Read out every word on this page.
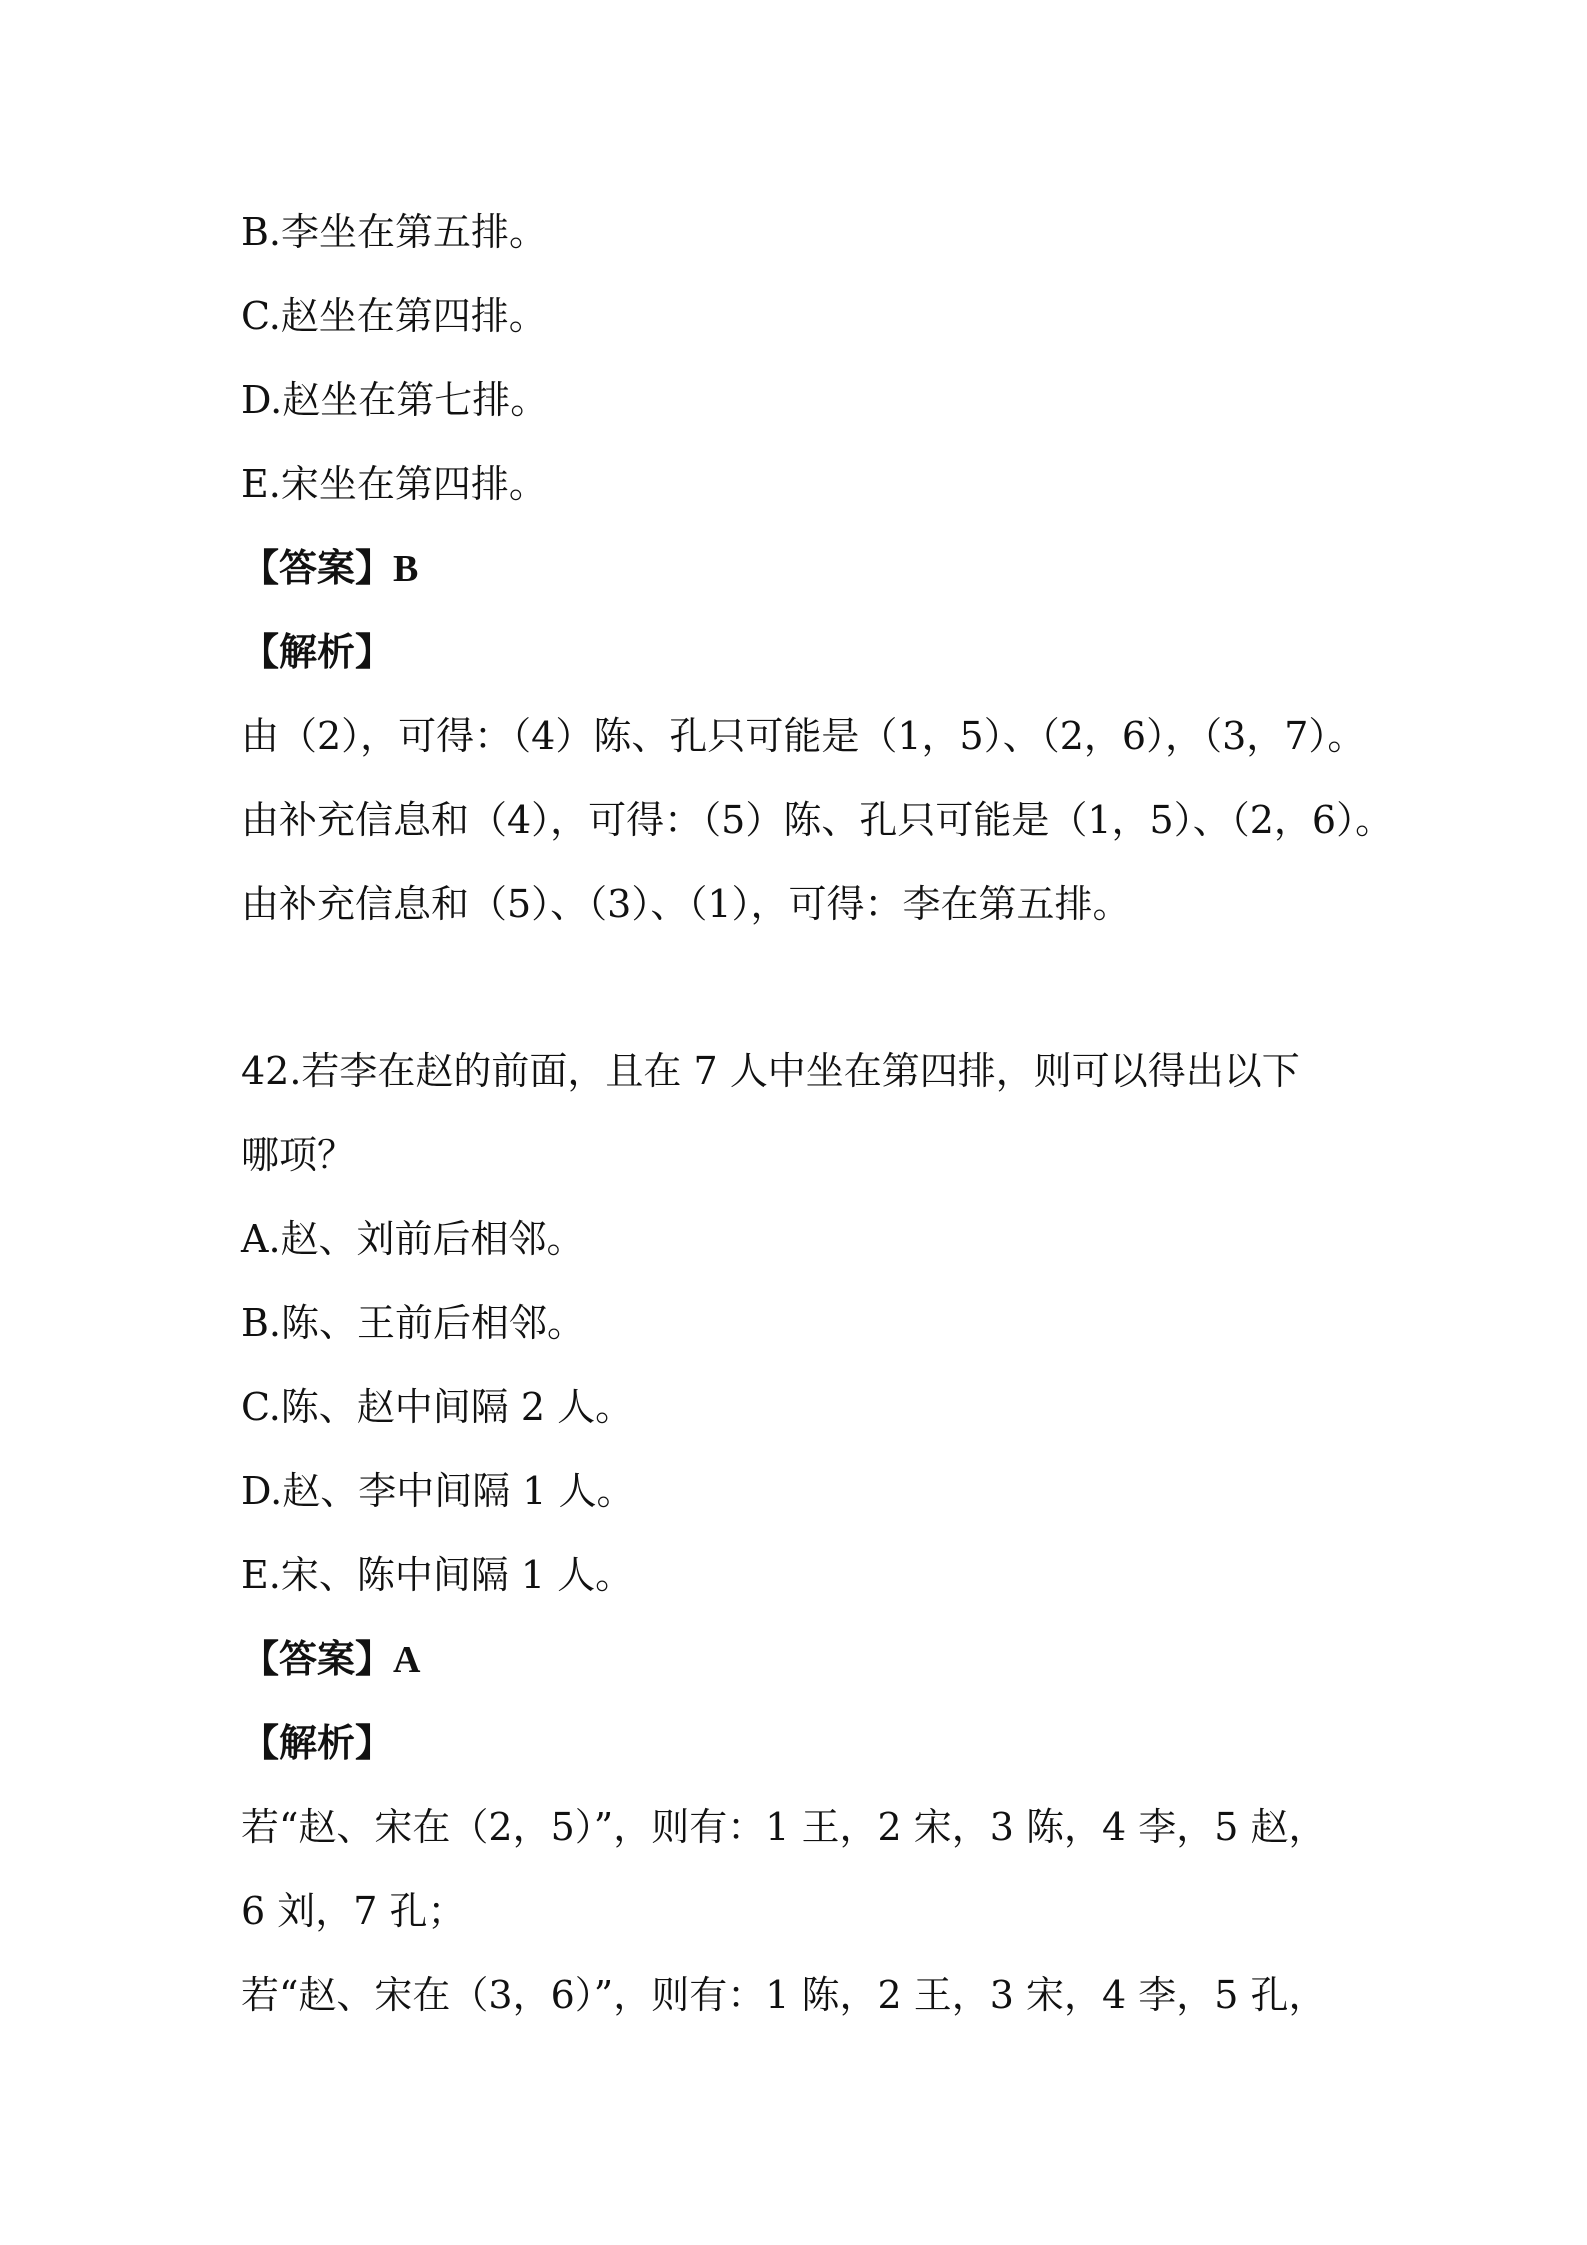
B.李坐在第五排。

C.赵坐在第四排。

D.赵坐在第七排。

E.宋坐在第四排。

【答案】B

【解析】

由（2），可得：（4）陈、孔只可能是（1，5）、（2，6），（3，7）。

由补充信息和（4），可得：（5）陈、孔只可能是（1，5）、（2，6）。

由补充信息和（5）、（3）、（1），可得：李在第五排。

42.若李在赵的前面，且在 7 人中坐在第四排，则可以得出以下

哪项？

A.赵、刘前后相邻。

B.陈、王前后相邻。

C.陈、赵中间隔 2 人。

D.赵、李中间隔 1 人。

E.宋、陈中间隔 1 人。

【答案】A

【解析】

若“赵、宋在（2，5）”，则有：1 王，2 宋，3 陈，4 李，5 赵，

6 刘，7 孔；

若“赵、宋在（3，6）”，则有：1 陈，2 王，3 宋，4 李，5 孔，
